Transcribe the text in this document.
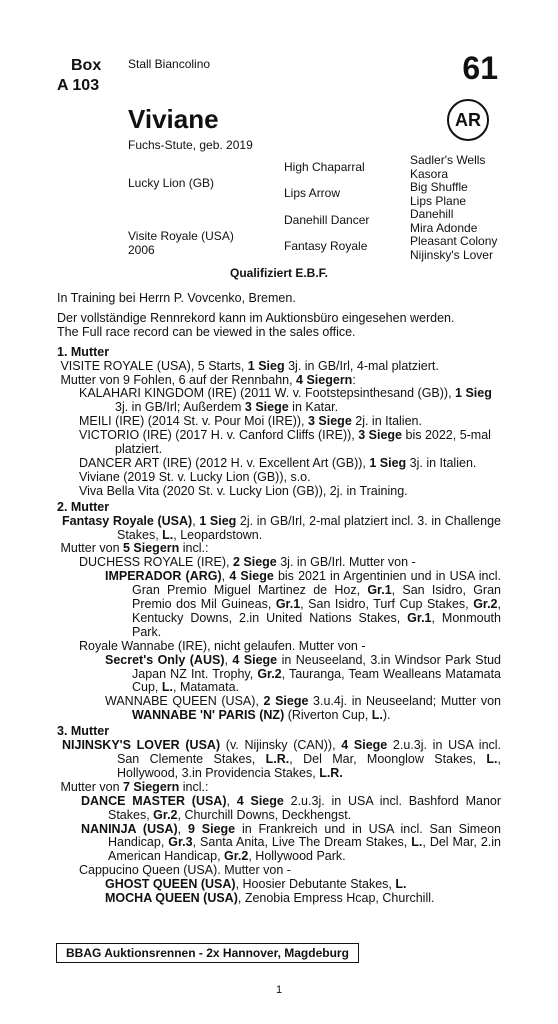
Box
A 103
Stall Biancolino	61
AR
Viviane
Fuchs-Stute, geb. 2019
Lucky Lion (GB)
Visite Royale (USA)
2006
High Chaparral
Lips Arrow
Danehill Dancer
Fantasy Royale
Sadler's Wells
Kasora
Big Shuffle
Lips Plane
Danehill
Mira Adonde
Pleasant Colony
Nijinsky's Lover
Qualifiziert E.B.F.

In Training bei Herrn P. Vovcenko, Bremen.

Der vollständige Rennrekord kann im Auktionsbüro eingesehen werden.

The Full race record can be viewed in the sales office.

1. Mutter

VISITE ROYALE (USA), 5 Starts, 1 Sieg 3j. in GB/Irl, 4-mal platziert.

Mutter von 9 Fohlen, 6 auf der Rennbahn, 4 Siegern:

KALAHARI KINGDOM (IRE) (2011 W. v. Footstepsinthesand (GB)), 1 Sieg 3j. in GB/Irl; Außerdem 3 Siege in Katar.

MEILI (IRE) (2014 St. v. Pour Moi (IRE)), 3 Siege 2j. in Italien.

VICTORIO (IRE) (2017 H. v. Canford Cliffs (IRE)), 3 Siege bis 2022, 5-mal platziert.

DANCER ART (IRE) (2012 H. v. Excellent Art (GB)), 1 Sieg 3j. in Italien.

Viviane (2019 St. v. Lucky Lion (GB)), s.o.

Viva Bella Vita (2020 St. v. Lucky Lion (GB)), 2j. in Training.

2. Mutter

Fantasy Royale (USA), 1 Sieg 2j. in GB/Irl, 2-mal platziert incl. 3. in Challenge Stakes, L., Leopardstown.

Mutter von 5 Siegern incl.:

DUCHESS ROYALE (IRE), 2 Siege 3j. in GB/Irl. Mutter von -

IMPERADOR (ARG), 4 Siege bis 2021 in Argentinien und in USA incl. Gran Premio Miguel Martinez de Hoz, Gr.1, San Isidro, Gran Premio dos Mil Guineas, Gr.1, San Isidro, Turf Cup Stakes, Gr.2, Kentucky Downs, 2.in United Nations Stakes, Gr.1, Monmouth Park.

Royale Wannabe (IRE), nicht gelaufen. Mutter von -

Secret's Only (AUS), 4 Siege in Neuseeland, 3.in Windsor Park Stud Japan NZ Int. Trophy, Gr.2, Tauranga, Team Wealleans Matamata Cup, L., Matamata.

WANNABE QUEEN (USA), 2 Siege 3.u.4j. in Neuseeland; Mutter von WANNABE 'N' PARIS (NZ) (Riverton Cup, L.).

3. Mutter

NIJINSKY'S LOVER (USA) (v. Nijinsky (CAN)), 4 Siege 2.u.3j. in USA incl. San Clemente Stakes, L.R., Del Mar, Moonglow Stakes, L., Hollywood, 3.in Providencia Stakes, L.R.

Mutter von 7 Siegern incl.:

DANCE MASTER (USA), 4 Siege 2.u.3j. in USA incl. Bashford Manor Stakes, Gr.2, Churchill Downs, Deckhengst.

NANINJA (USA), 9 Siege in Frankreich und in USA incl. San Simeon Handicap, Gr.3, Santa Anita, Live The Dream Stakes, L., Del Mar, 2.in American Handicap, Gr.2, Hollywood Park.

Cappucino Queen (USA). Mutter von -

GHOST QUEEN (USA), Hoosier Debutante Stakes, L.

MOCHA QUEEN (USA), Zenobia Empress Hcap, Churchill.

BBAG Auktionsrennen - 2x Hannover, Magdeburg
1
